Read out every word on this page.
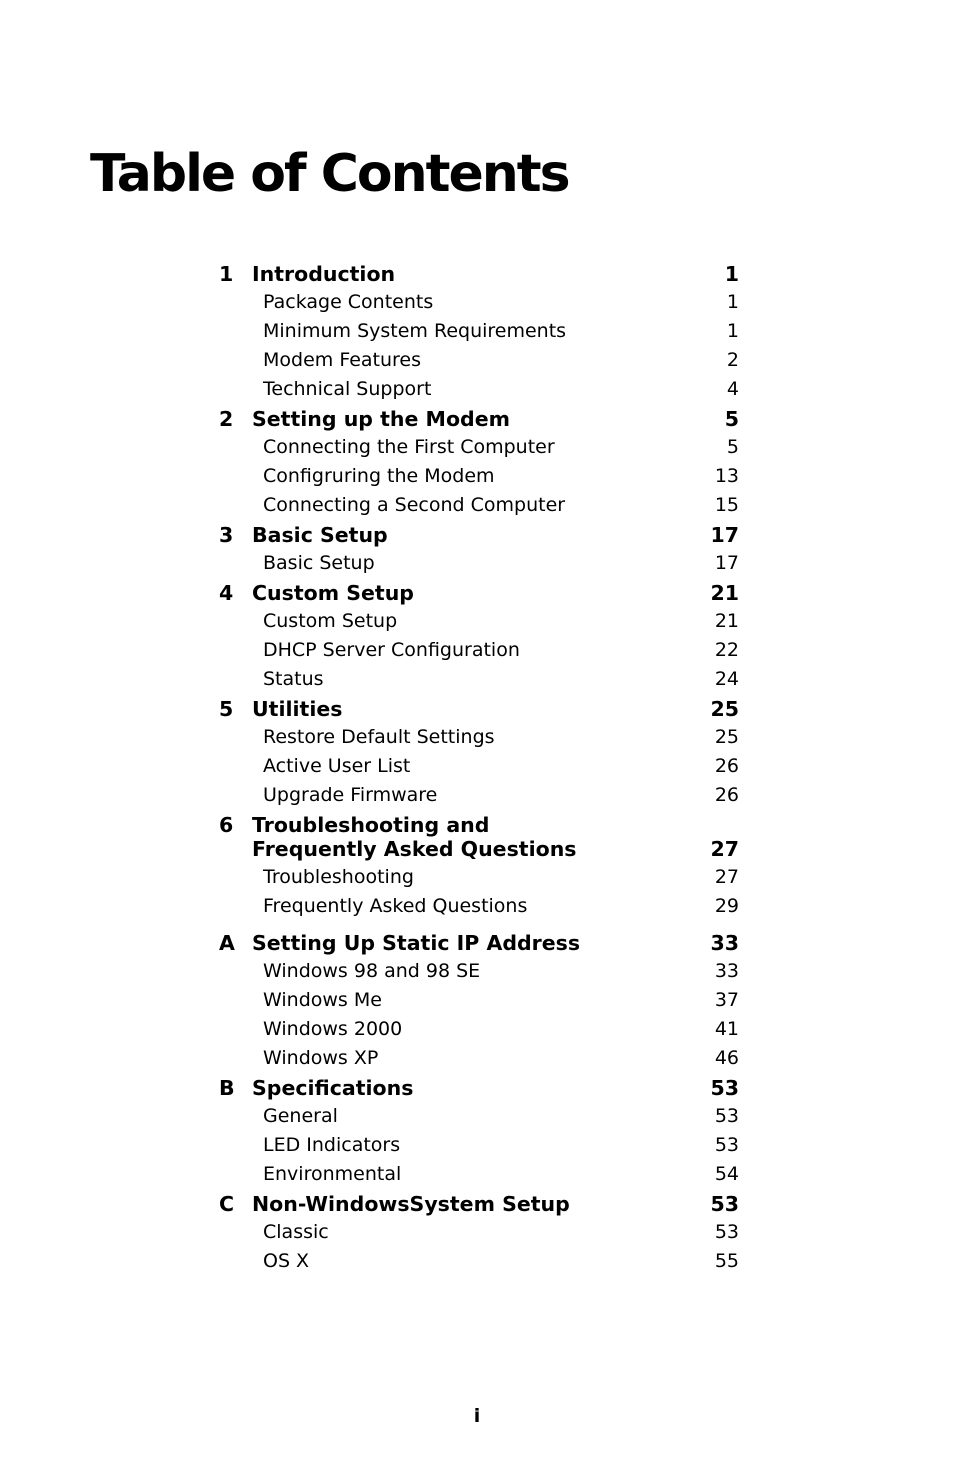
Table of Contents
1 Introduction	1
Package Contents	1
Minimum System Requirements	1
Modem Features	2
Technical Support	4
2 Setting up the Modem	5
Connecting the First Computer	5
Configruring the Modem	13
Connecting a Second Computer	15
3 Basic Setup	17
Basic Setup	17
4 Custom Setup	21
Custom Setup	21
DHCP Server Configuration	22
Status	24
5 Utilities	25
Restore Default Settings	25
Active User List	26
Upgrade Firmware	26
6 Troubleshooting and
Frequently Asked Questions	27
Troubleshooting	27
Frequently Asked Questions	29
A Setting Up Static IP Address	33
Windows 98 and 98 SE	33
Windows Me	37
Windows 2000	41
Windows XP	46
B Specifications	53
General	53
LED Indicators	53
Environmental	54
C Non-WindowsSystem Setup	53
Classic	53
OS X	55
i
